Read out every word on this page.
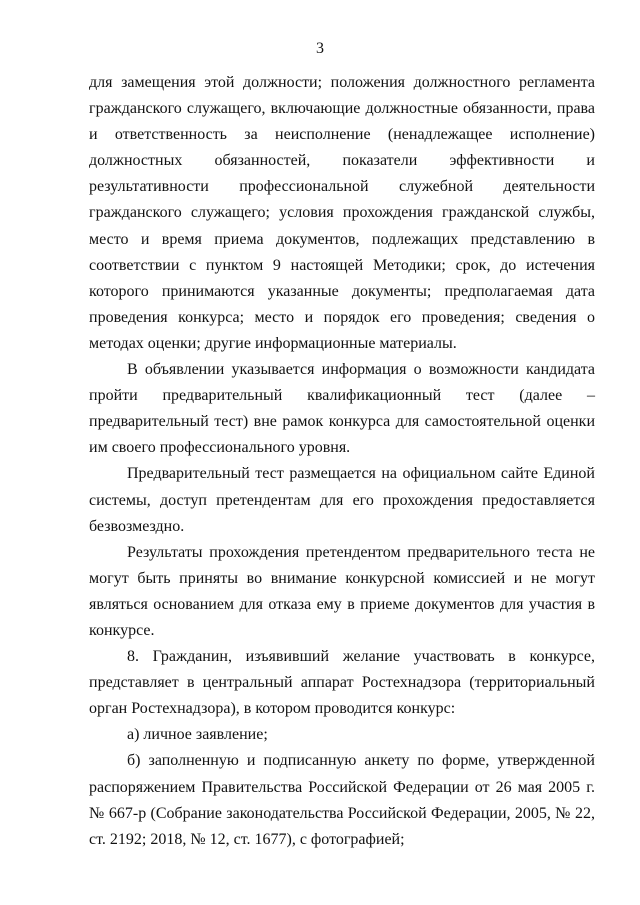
3

для замещения этой должности; положения должностного регламента гражданского служащего, включающие должностные обязанности, права и ответственность за неисполнение (ненадлежащее исполнение) должностных обязанностей, показатели эффективности и результативности профессиональной служебной деятельности гражданского служащего; условия прохождения гражданской службы, место и время приема документов, подлежащих представлению в соответствии с пунктом 9 настоящей Методики; срок, до истечения которого принимаются указанные документы; предполагаемая дата проведения конкурса; место и порядок его проведения; сведения о методах оценки; другие информационные материалы.

В объявлении указывается информация о возможности кандидата пройти предварительный квалификационный тест (далее – предварительный тест) вне рамок конкурса для самостоятельной оценки им своего профессионального уровня.

Предварительный тест размещается на официальном сайте Единой системы, доступ претендентам для его прохождения предоставляется безвозмездно.

Результаты прохождения претендентом предварительного теста не могут быть приняты во внимание конкурсной комиссией и не могут являться основанием для отказа ему в приеме документов для участия в конкурсе.

8. Гражданин, изъявивший желание участвовать в конкурсе, представляет в центральный аппарат Ростехнадзора (территориальный орган Ростехнадзора), в котором проводится конкурс:

а) личное заявление;

б) заполненную и подписанную анкету по форме, утвержденной распоряжением Правительства Российской Федерации от 26 мая 2005 г. № 667-р (Собрание законодательства Российской Федерации, 2005, № 22, ст. 2192; 2018, № 12, ст. 1677), с фотографией;
